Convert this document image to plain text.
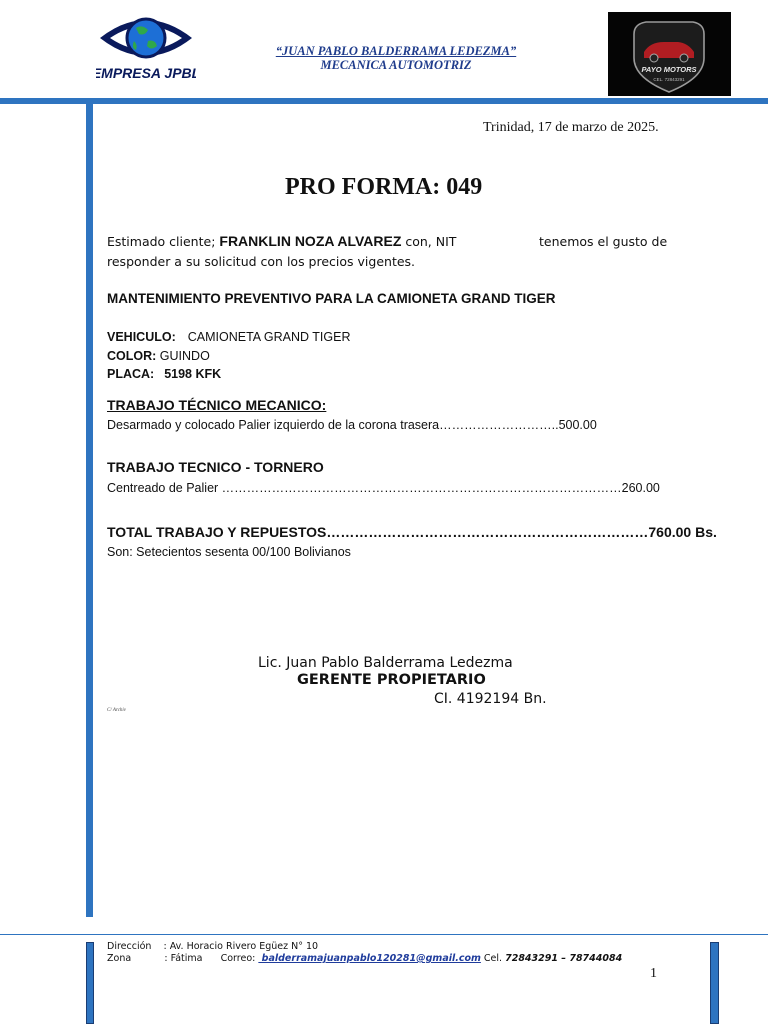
EMPRESA JPBL
“JUAN PABLO BALDERRAMA LEDEZMA”
MECANICA AUTOMOTRIZ	PAYO MOTORS
CEL. 72843291
Trinidad, 17 de marzo de 2025.
PRO FORMA: 049
Estimado cliente; FRANKLIN NOZA ALVAREZ con, NIT	tenemos el gusto de
responder a su solicitud con los precios vigentes.
MANTENIMIENTO PREVENTIVO PARA LA CAMIONETA GRAND TIGER
VEHICULO: CAMIONETA GRAND TIGER
COLOR: GUINDO
PLACA: 5198 KFK
TRABAJO TÉCNICO MECANICO:
Desarmado y colocado Palier izquierdo de la corona trasera………………………..500.00
TRABAJO TECNICO - TORNERO
Centreado de Palier ……………………………………………………………………………………260.00
TOTAL TRABAJO Y REPUESTOS……………………………………………………………760.00 Bs.
Son: Setecientos sesenta 00/100 Bolivianos
Lic. Juan Pablo Balderrama Ledezma
GERENTE PROPIETARIO
CI. 4192194 Bn.
C/ Archiv
Dirección    : Av. Horacio Rivero Egüez N° 10
Zona           : Fátima      Correo:  balderramajuanpablo120281@gmail.com Cel. 72843291 – 78744084
1
